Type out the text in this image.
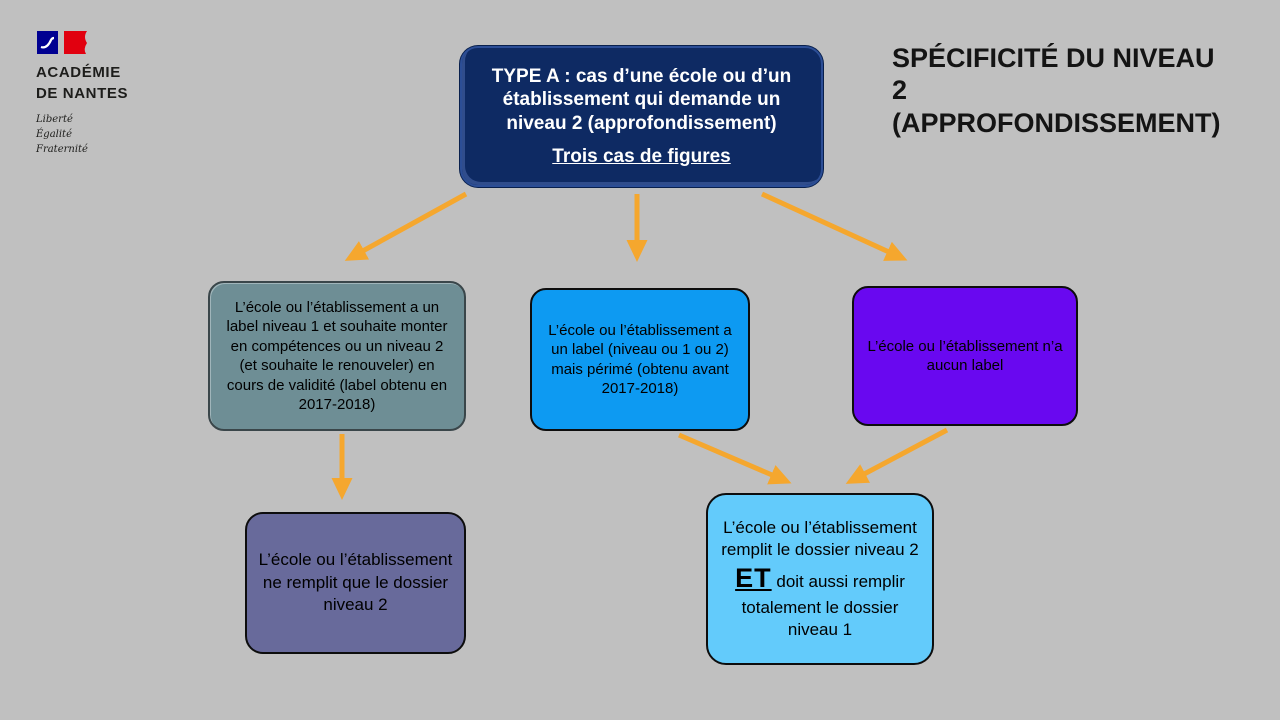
ACADÉMIE
DE NANTES
Liberté
Égalité
Fraternité
SPÉCIFICITÉ DU NIVEAU 2 (APPROFONDISSEMENT)
TYPE A : cas d’une école ou d’un établissement qui demande un niveau 2 (approfondissement)
Trois cas de figures
L’école ou l’établissement a un label niveau 1 et souhaite monter en compétences ou un niveau 2 (et souhaite le renouveler) en cours de validité (label obtenu en 2017-2018)
L’école ou l’établissement a un label (niveau ou 1 ou 2) mais périmé (obtenu avant 2017-2018)
L’école ou l’établissement n’a aucun label
L’école ou l’établissement ne remplit que le dossier niveau 2
L’école ou l’établissement remplit le dossier niveau 2
ET doit aussi remplir totalement le dossier niveau 1
